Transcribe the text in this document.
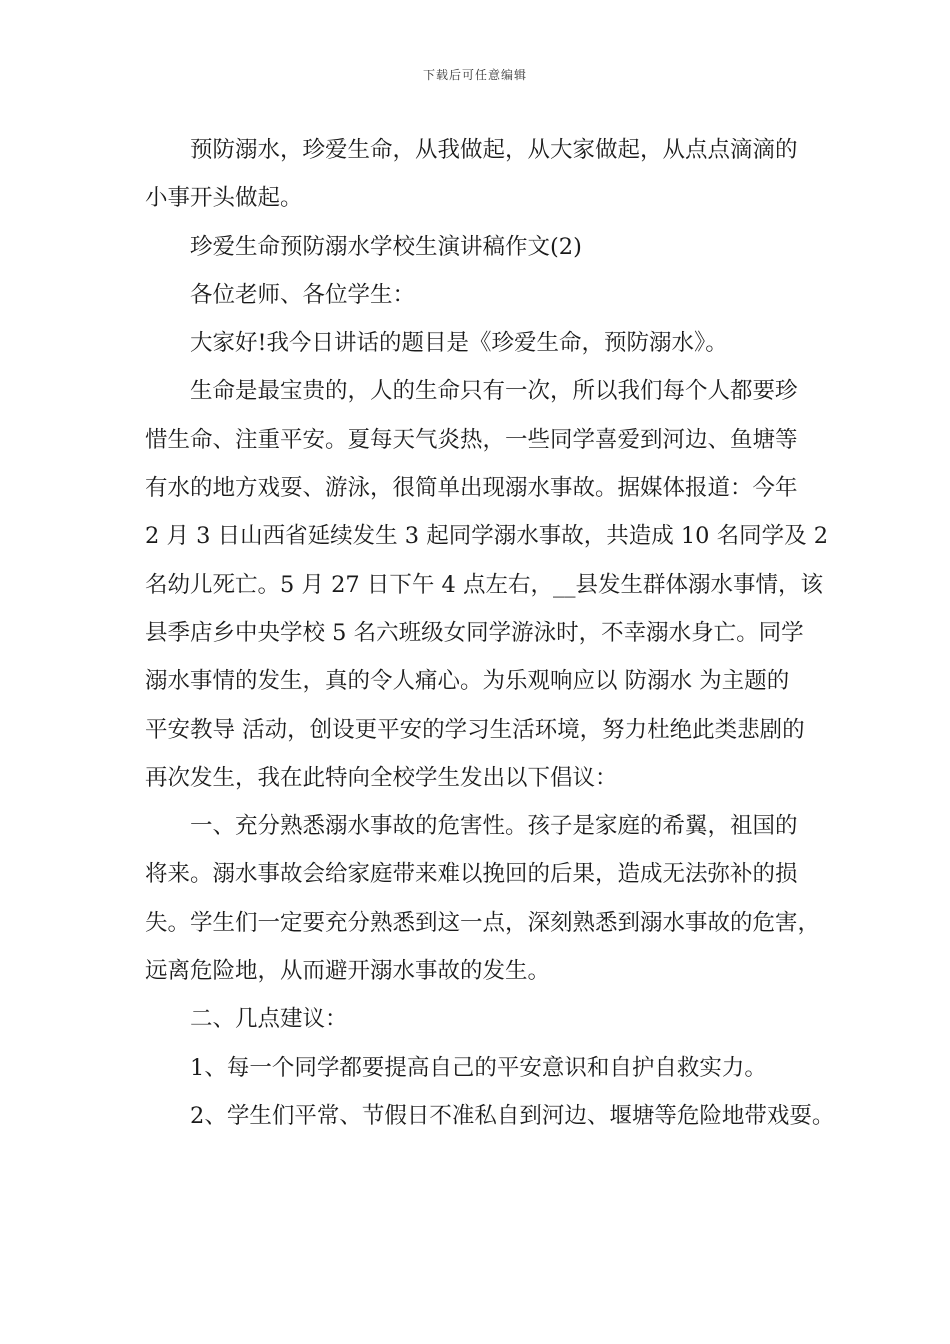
下载后可任意编辑

预防溺水，珍爱生命，从我做起，从大家做起，从点点滴滴的
小事开头做起。

珍爱生命预防溺水学校生演讲稿作文(2)

各位老师、各位学生：

大家好!我今日讲话的题目是《珍爱生命，预防溺水》。

生命是最宝贵的，人的生命只有一次，所以我们每个人都要珍
惜生命、注重平安。夏每天气炎热，一些同学喜爱到河边、鱼塘等
有水的地方戏耍、游泳，很简单出现溺水事故。据媒体报道：今年
2 月 3 日山西省延续发生 3 起同学溺水事故，共造成 10 名同学及 2
名幼儿死亡。5 月 27 日下午 4 点左右，__县发生群体溺水事情，该
县季店乡中央学校 5 名六班级女同学游泳时，不幸溺水身亡。同学
溺水事情的发生，真的令人痛心。为乐观响应以 防溺水 为主题的
平安教导 活动，创设更平安的学习生活环境，努力杜绝此类悲剧的
再次发生，我在此特向全校学生发出以下倡议：

一、充分熟悉溺水事故的危害性。孩子是家庭的希翼，祖国的
将来。溺水事故会给家庭带来难以挽回的后果，造成无法弥补的损
失。学生们一定要充分熟悉到这一点，深刻熟悉到溺水事故的危害，
远离危险地，从而避开溺水事故的发生。

二、几点建议：

1、每一个同学都要提高自己的平安意识和自护自救实力。

2、学生们平常、节假日不准私自到河边、堰塘等危险地带戏耍。
